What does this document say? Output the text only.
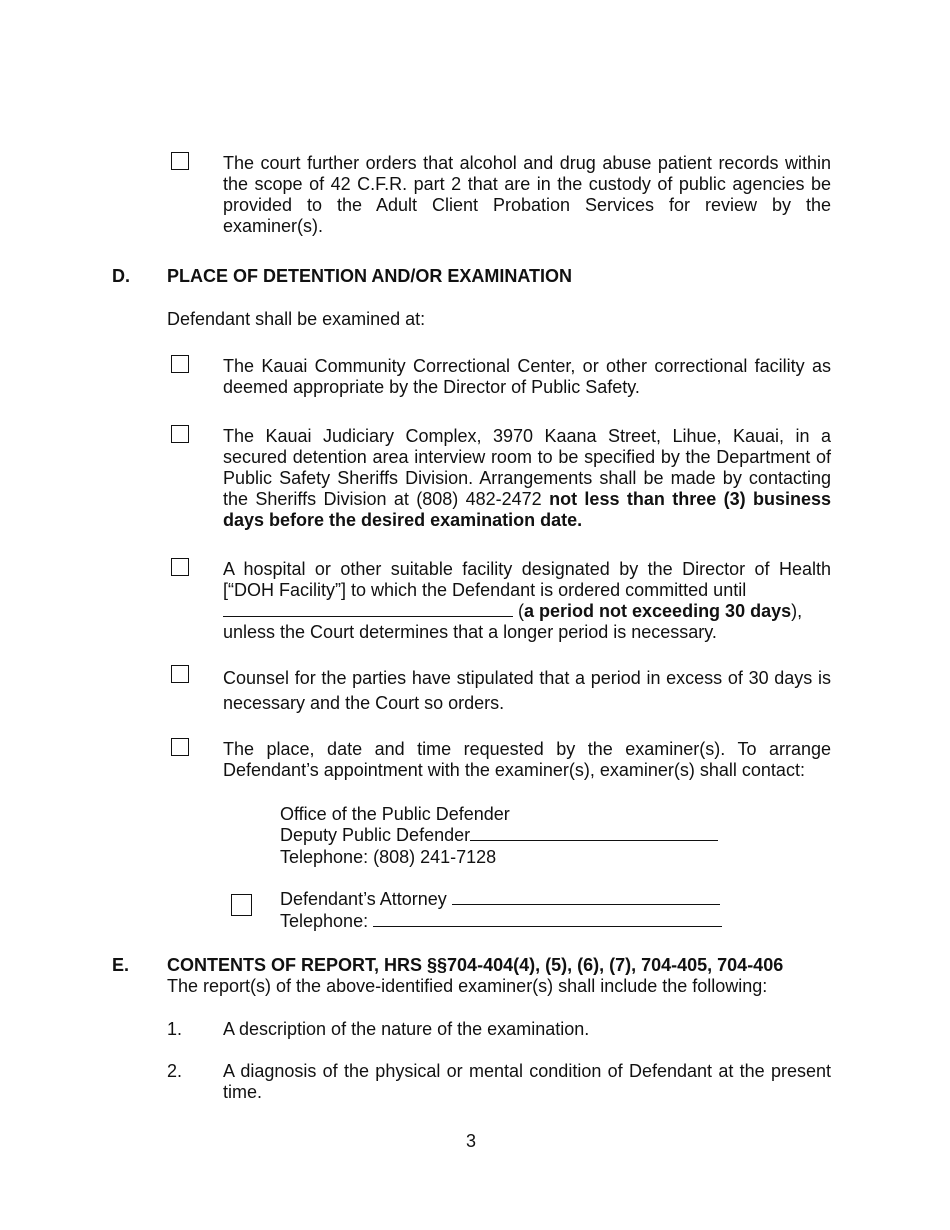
The court further orders that alcohol and drug abuse patient records within the scope of 42 C.F.R. part 2 that are in the custody of public agencies be provided to the Adult Client Probation Services for review by the examiner(s).
D. PLACE OF DETENTION AND/OR EXAMINATION
Defendant shall be examined at:
The Kauai Community Correctional Center, or other correctional facility as deemed appropriate by the Director of Public Safety.
The Kauai Judiciary Complex, 3970 Kaana Street, Lihue, Kauai, in a secured detention area interview room to be specified by the Department of Public Safety Sheriffs Division. Arrangements shall be made by contacting the Sheriffs Division at (808) 482-2472 not less than three (3) business days before the desired examination date.
A hospital or other suitable facility designated by the Director of Health [“DOH Facility”] to which the Defendant is ordered committed until
(a period not exceeding 30 days),
unless the Court determines that a longer period is necessary.
Counsel for the parties have stipulated that a period in excess of 30 days is necessary and the Court so orders.
The place, date and time requested by the examiner(s). To arrange Defendant’s appointment with the examiner(s), examiner(s) shall contact:
Office of the Public Defender
Deputy Public Defender
Telephone: (808) 241-7128
Defendant’s Attorney
Telephone:
E. CONTENTS OF REPORT, HRS §§704-404(4), (5), (6), (7), 704-405, 704-406
The report(s) of the above-identified examiner(s) shall include the following:
1. A description of the nature of the examination.
2. A diagnosis of the physical or mental condition of Defendant at the present time.
3
